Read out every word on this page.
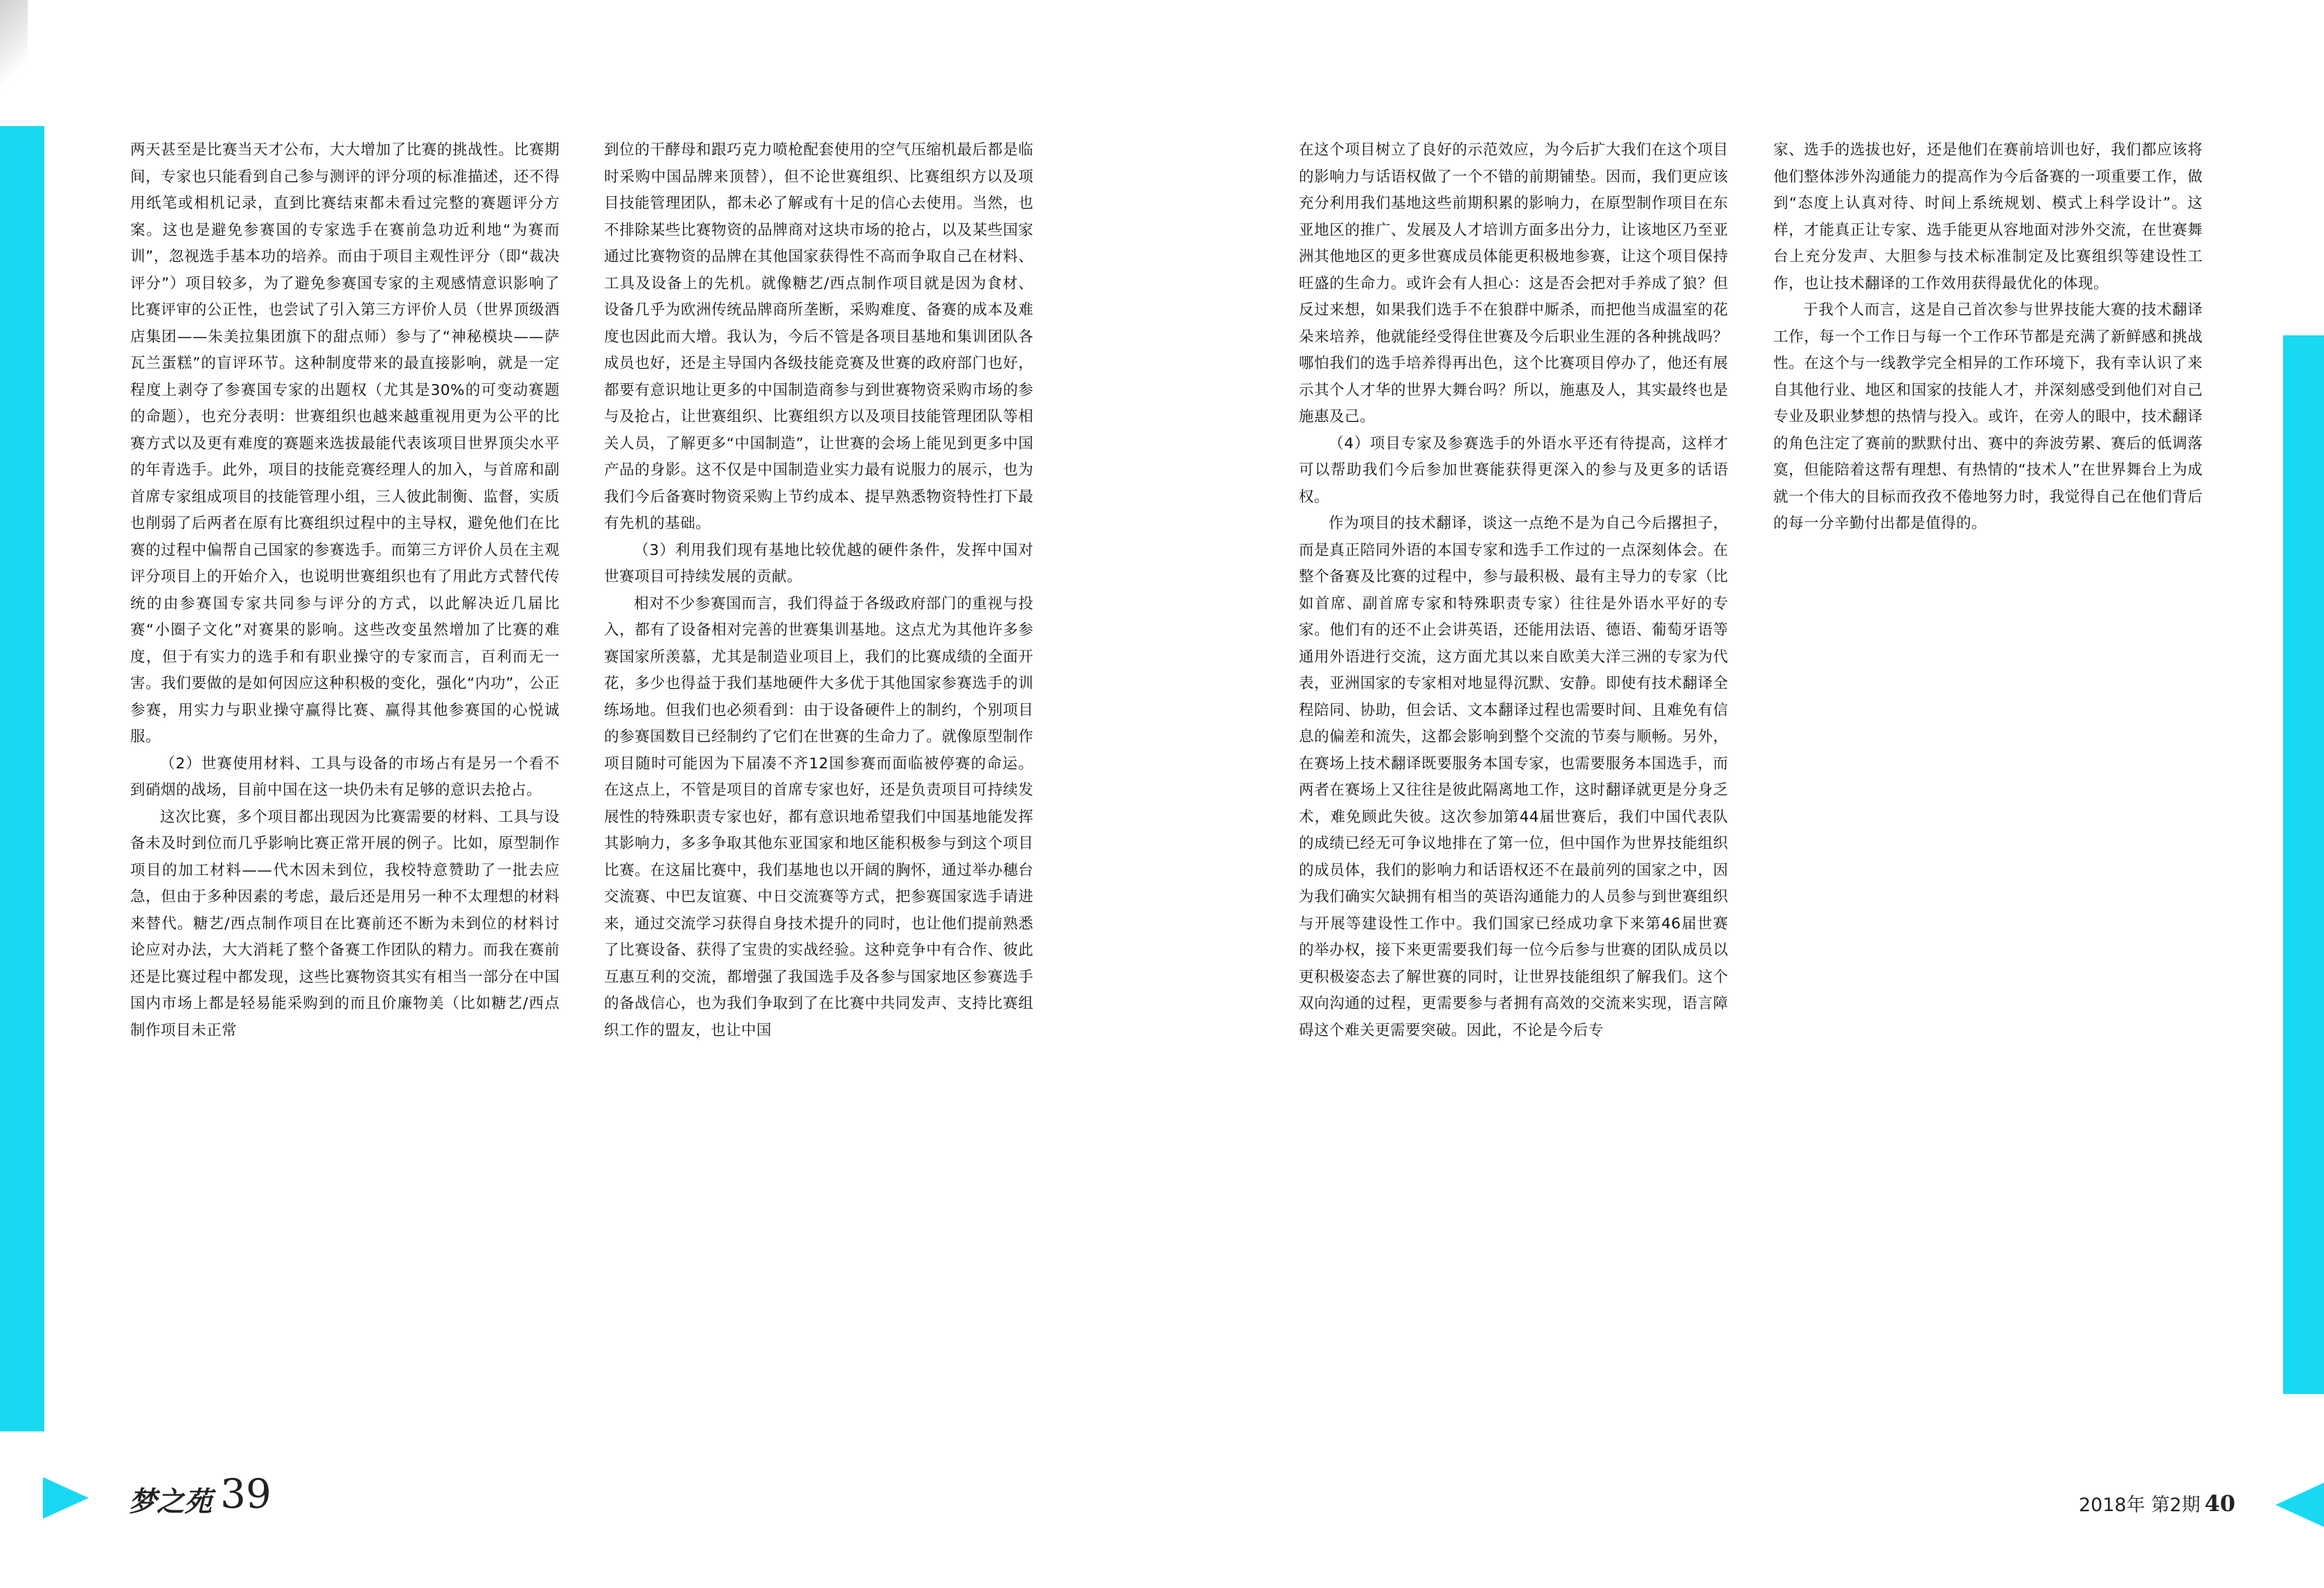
两天甚至是比赛当天才公布，大大增加了比赛的挑战性。比赛期间，专家也只能看到自己参与测评的评分项的标准描述，还不得用纸笔或相机记录，直到比赛结束都未看过完整的赛题评分方案。这也是避免参赛国的专家选手在赛前急功近利地“为赛而训”，忽视选手基本功的培养。而由于项目主观性评分（即“裁决评分”）项目较多，为了避免参赛国专家的主观感情意识影响了比赛评审的公正性，也尝试了引入第三方评价人员（世界顶级酒店集团——朱美拉集团旗下的甜点师）参与了“神秘模块——萨瓦兰蛋糕”的盲评环节。这种制度带来的最直接影响，就是一定程度上剥夺了参赛国专家的出题权（尤其是30%的可变动赛题的命题），也充分表明：世赛组织也越来越重视用更为公平的比赛方式以及更有难度的赛题来选拔最能代表该项目世界顶尖水平的年青选手。此外，项目的技能竞赛经理人的加入，与首席和副首席专家组成项目的技能管理小组，三人彼此制衡、监督，实质也削弱了后两者在原有比赛组织过程中的主导权，避免他们在比赛的过程中偏帮自己国家的参赛选手。而第三方评价人员在主观评分项目上的开始介入，也说明世赛组织也有了用此方式替代传统的由参赛国专家共同参与评分的方式，以此解决近几届比赛“小圈子文化”对赛果的影响。这些改变虽然增加了比赛的难度，但于有实力的选手和有职业操守的专家而言，百利而无一害。我们要做的是如何因应这种积极的变化，强化“内功”，公正参赛，用实力与职业操守赢得比赛、赢得其他参赛国的心悦诚服。

（2）世赛使用材料、工具与设备的市场占有是另一个看不到硝烟的战场，目前中国在这一块仍未有足够的意识去抢占。

这次比赛，多个项目都出现因为比赛需要的材料、工具与设备未及时到位而几乎影响比赛正常开展的例子。比如，原型制作项目的加工材料——代木因未到位，我校特意赞助了一批去应急，但由于多种因素的考虑，最后还是用另一种不太理想的材料来替代。糖艺/西点制作项目在比赛前还不断为未到位的材料讨论应对办法，大大消耗了整个备赛工作团队的精力。而我在赛前还是比赛过程中都发现，这些比赛物资其实有相当一部分在中国国内市场上都是轻易能采购到的而且价廉物美（比如糖艺/西点制作项目未正常

到位的干酵母和跟巧克力喷枪配套使用的空气压缩机最后都是临时采购中国品牌来顶替），但不论世赛组织、比赛组织方以及项目技能管理团队，都未必了解或有十足的信心去使用。当然，也不排除某些比赛物资的品牌商对这块市场的抢占，以及某些国家通过比赛物资的品牌在其他国家获得性不高而争取自己在材料、工具及设备上的先机。就像糖艺/西点制作项目就是因为食材、设备几乎为欧洲传统品牌商所垄断，采购难度、备赛的成本及难度也因此而大增。我认为，今后不管是各项目基地和集训团队各成员也好，还是主导国内各级技能竞赛及世赛的政府部门也好，都要有意识地让更多的中国制造商参与到世赛物资采购市场的参与及抢占，让世赛组织、比赛组织方以及项目技能管理团队等相关人员，了解更多“中国制造”，让世赛的会场上能见到更多中国产品的身影。这不仅是中国制造业实力最有说服力的展示，也为我们今后备赛时物资采购上节约成本、提早熟悉物资特性打下最有先机的基础。

（3）利用我们现有基地比较优越的硬件条件，发挥中国对世赛项目可持续发展的贡献。

相对不少参赛国而言，我们得益于各级政府部门的重视与投入，都有了设备相对完善的世赛集训基地。这点尤为其他许多参赛国家所羡慕，尤其是制造业项目上，我们的比赛成绩的全面开花，多少也得益于我们基地硬件大多优于其他国家参赛选手的训练场地。但我们也必须看到：由于设备硬件上的制约，个别项目的参赛国数目已经制约了它们在世赛的生命力了。就像原型制作项目随时可能因为下届凑不齐12国参赛而面临被停赛的命运。在这点上，不管是项目的首席专家也好，还是负责项目可持续发展性的特殊职责专家也好，都有意识地希望我们中国基地能发挥其影响力，多多争取其他东亚国家和地区能积极参与到这个项目比赛。在这届比赛中，我们基地也以开阔的胸怀，通过举办穗台交流赛、中巴友谊赛、中日交流赛等方式，把参赛国家选手请进来，通过交流学习获得自身技术提升的同时，也让他们提前熟悉了比赛设备、获得了宝贵的实战经验。这种竞争中有合作、彼此互惠互利的交流，都增强了我国选手及各参与国家地区参赛选手的备战信心，也为我们争取到了在比赛中共同发声、支持比赛组织工作的盟友，也让中国

在这个项目树立了良好的示范效应，为今后扩大我们在这个项目的影响力与话语权做了一个不错的前期铺垫。因而，我们更应该充分利用我们基地这些前期积累的影响力，在原型制作项目在东亚地区的推广、发展及人才培训方面多出分力，让该地区乃至亚洲其他地区的更多世赛成员体能更积极地参赛，让这个项目保持旺盛的生命力。或许会有人担心：这是否会把对手养成了狼？但反过来想，如果我们选手不在狼群中厮杀，而把他当成温室的花朵来培养，他就能经受得住世赛及今后职业生涯的各种挑战吗？哪怕我们的选手培养得再出色，这个比赛项目停办了，他还有展示其个人才华的世界大舞台吗？所以，施惠及人，其实最终也是施惠及己。

（4）项目专家及参赛选手的外语水平还有待提高，这样才可以帮助我们今后参加世赛能获得更深入的参与及更多的话语权。

作为项目的技术翻译，谈这一点绝不是为自己今后撂担子，而是真正陪同外语的本国专家和选手工作过的一点深刻体会。在整个备赛及比赛的过程中，参与最积极、最有主导力的专家（比如首席、副首席专家和特殊职责专家）往往是外语水平好的专家。他们有的还不止会讲英语，还能用法语、德语、葡萄牙语等通用外语进行交流，这方面尤其以来自欧美大洋三洲的专家为代表，亚洲国家的专家相对地显得沉默、安静。即使有技术翻译全程陪同、协助，但会话、文本翻译过程也需要时间、且难免有信息的偏差和流失，这都会影响到整个交流的节奏与顺畅。另外，在赛场上技术翻译既要服务本国专家，也需要服务本国选手，而两者在赛场上又往往是彼此隔离地工作，这时翻译就更是分身乏术，难免顾此失彼。这次参加第44届世赛后，我们中国代表队的成绩已经无可争议地排在了第一位，但中国作为世界技能组织的成员体，我们的影响力和话语权还不在最前列的国家之中，因为我们确实欠缺拥有相当的英语沟通能力的人员参与到世赛组织与开展等建设性工作中。我们国家已经成功拿下来第46届世赛的举办权，接下来更需要我们每一位今后参与世赛的团队成员以更积极姿态去了解世赛的同时，让世界技能组织了解我们。这个双向沟通的过程，更需要参与者拥有高效的交流来实现，语言障碍这个难关更需要突破。因此，不论是今后专

家、选手的选拔也好，还是他们在赛前培训也好，我们都应该将他们整体涉外沟通能力的提高作为今后备赛的一项重要工作，做到“态度上认真对待、时间上系统规划、模式上科学设计”。这样，才能真正让专家、选手能更从容地面对涉外交流，在世赛舞台上充分发声、大胆参与技术标准制定及比赛组织等建设性工作，也让技术翻译的工作效用获得最优化的体现。

于我个人而言，这是自己首次参与世界技能大赛的技术翻译工作，每一个工作日与每一个工作环节都是充满了新鲜感和挑战性。在这个与一线教学完全相异的工作环境下，我有幸认识了来自其他行业、地区和国家的技能人才，并深刻感受到他们对自己专业及职业梦想的热情与投入。或许，在旁人的眼中，技术翻译的角色注定了赛前的默默付出、赛中的奔波劳累、赛后的低调落寞，但能陪着这帮有理想、有热情的“技术人”在世界舞台上为成就一个伟大的目标而孜孜不倦地努力时，我觉得自己在他们背后的每一分辛勤付出都是值得的。

梦之苑 39	2018年 第2期 40
